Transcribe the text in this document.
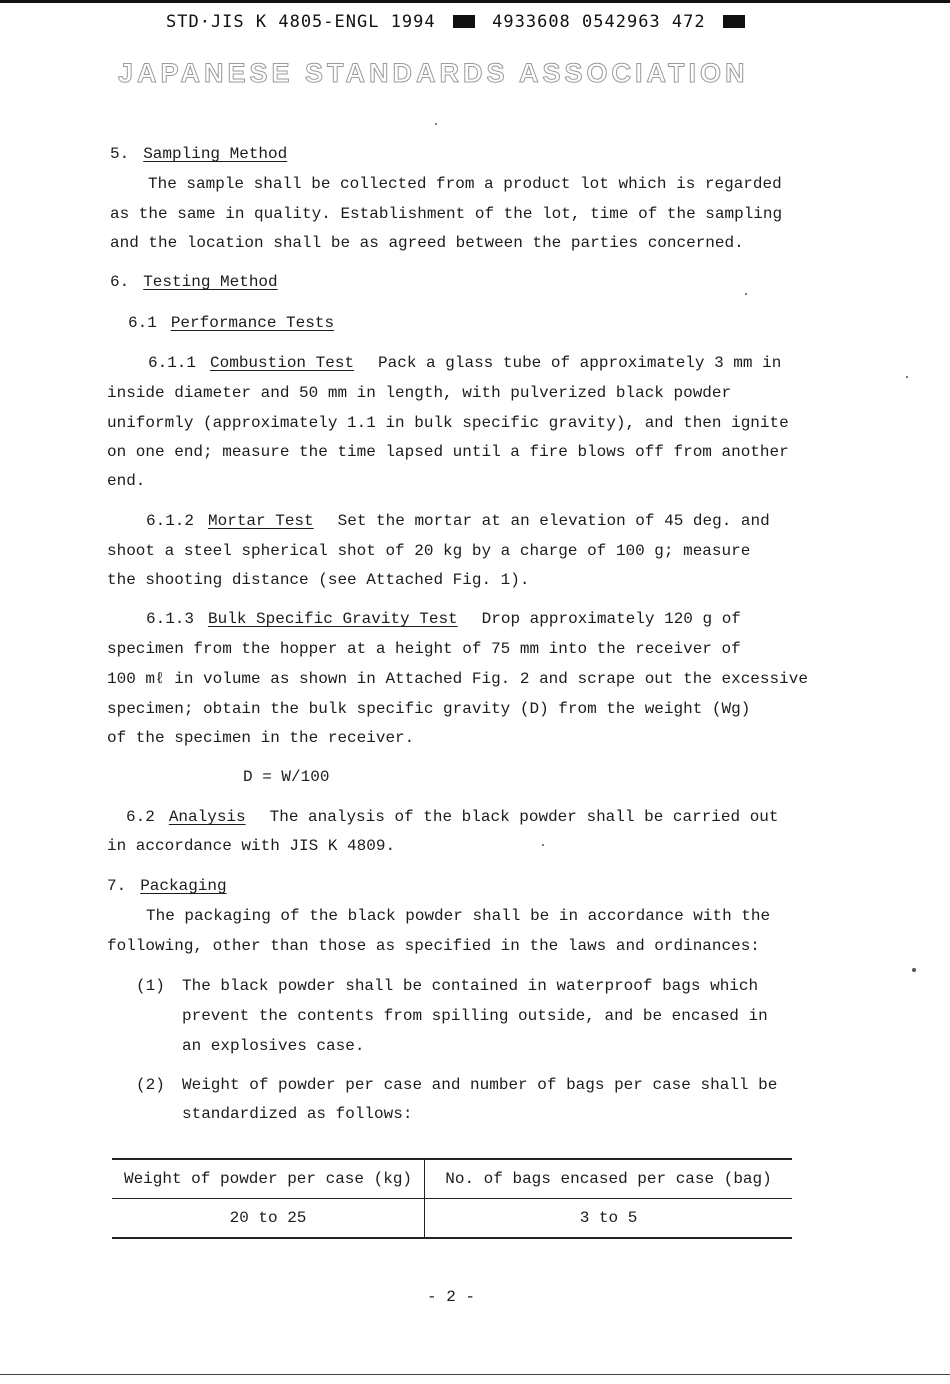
STD·JIS K 4805-ENGL 1994	4933608 0542963 472
JAPANESE STANDARDS ASSOCIATION
5. Sampling Method
The sample shall be collected from a product lot which is regarded
as the same in quality. Establishment of the lot, time of the sampling
and the location shall be as agreed between the parties concerned.
6. Testing Method
6.1 Performance Tests
6.1.1 Combustion Test Pack a glass tube of approximately 3 mm in
inside diameter and 50 mm in length, with pulverized black powder
uniformly (approximately 1.1 in bulk specific gravity), and then ignite
on one end; measure the time lapsed until a fire blows off from another
end.
6.1.2 Mortar Test Set the mortar at an elevation of 45 deg. and
shoot a steel spherical shot of 20 kg by a charge of 100 g; measure
the shooting distance (see Attached Fig. 1).
6.1.3 Bulk Specific Gravity Test Drop approximately 120 g of
specimen from the hopper at a height of 75 mm into the receiver of
100 mℓ in volume as shown in Attached Fig. 2 and scrape out the excessive
specimen; obtain the bulk specific gravity (D) from the weight (Wg)
of the specimen in the receiver.
D = W/100
6.2 Analysis The analysis of the black powder shall be carried out
in accordance with JIS K 4809.
7. Packaging
The packaging of the black powder shall be in accordance with the
following, other than those as specified in the laws and ordinances:
(1) The black powder shall be contained in waterproof bags which
prevent the contents from spilling outside, and be encased in
an explosives case.
(2) Weight of powder per case and number of bags per case shall be
standardized as follows:
Weight of powder per case (kg)	No. of bags encased per case (bag)
20 to 25	3 to 5
- 2 -
